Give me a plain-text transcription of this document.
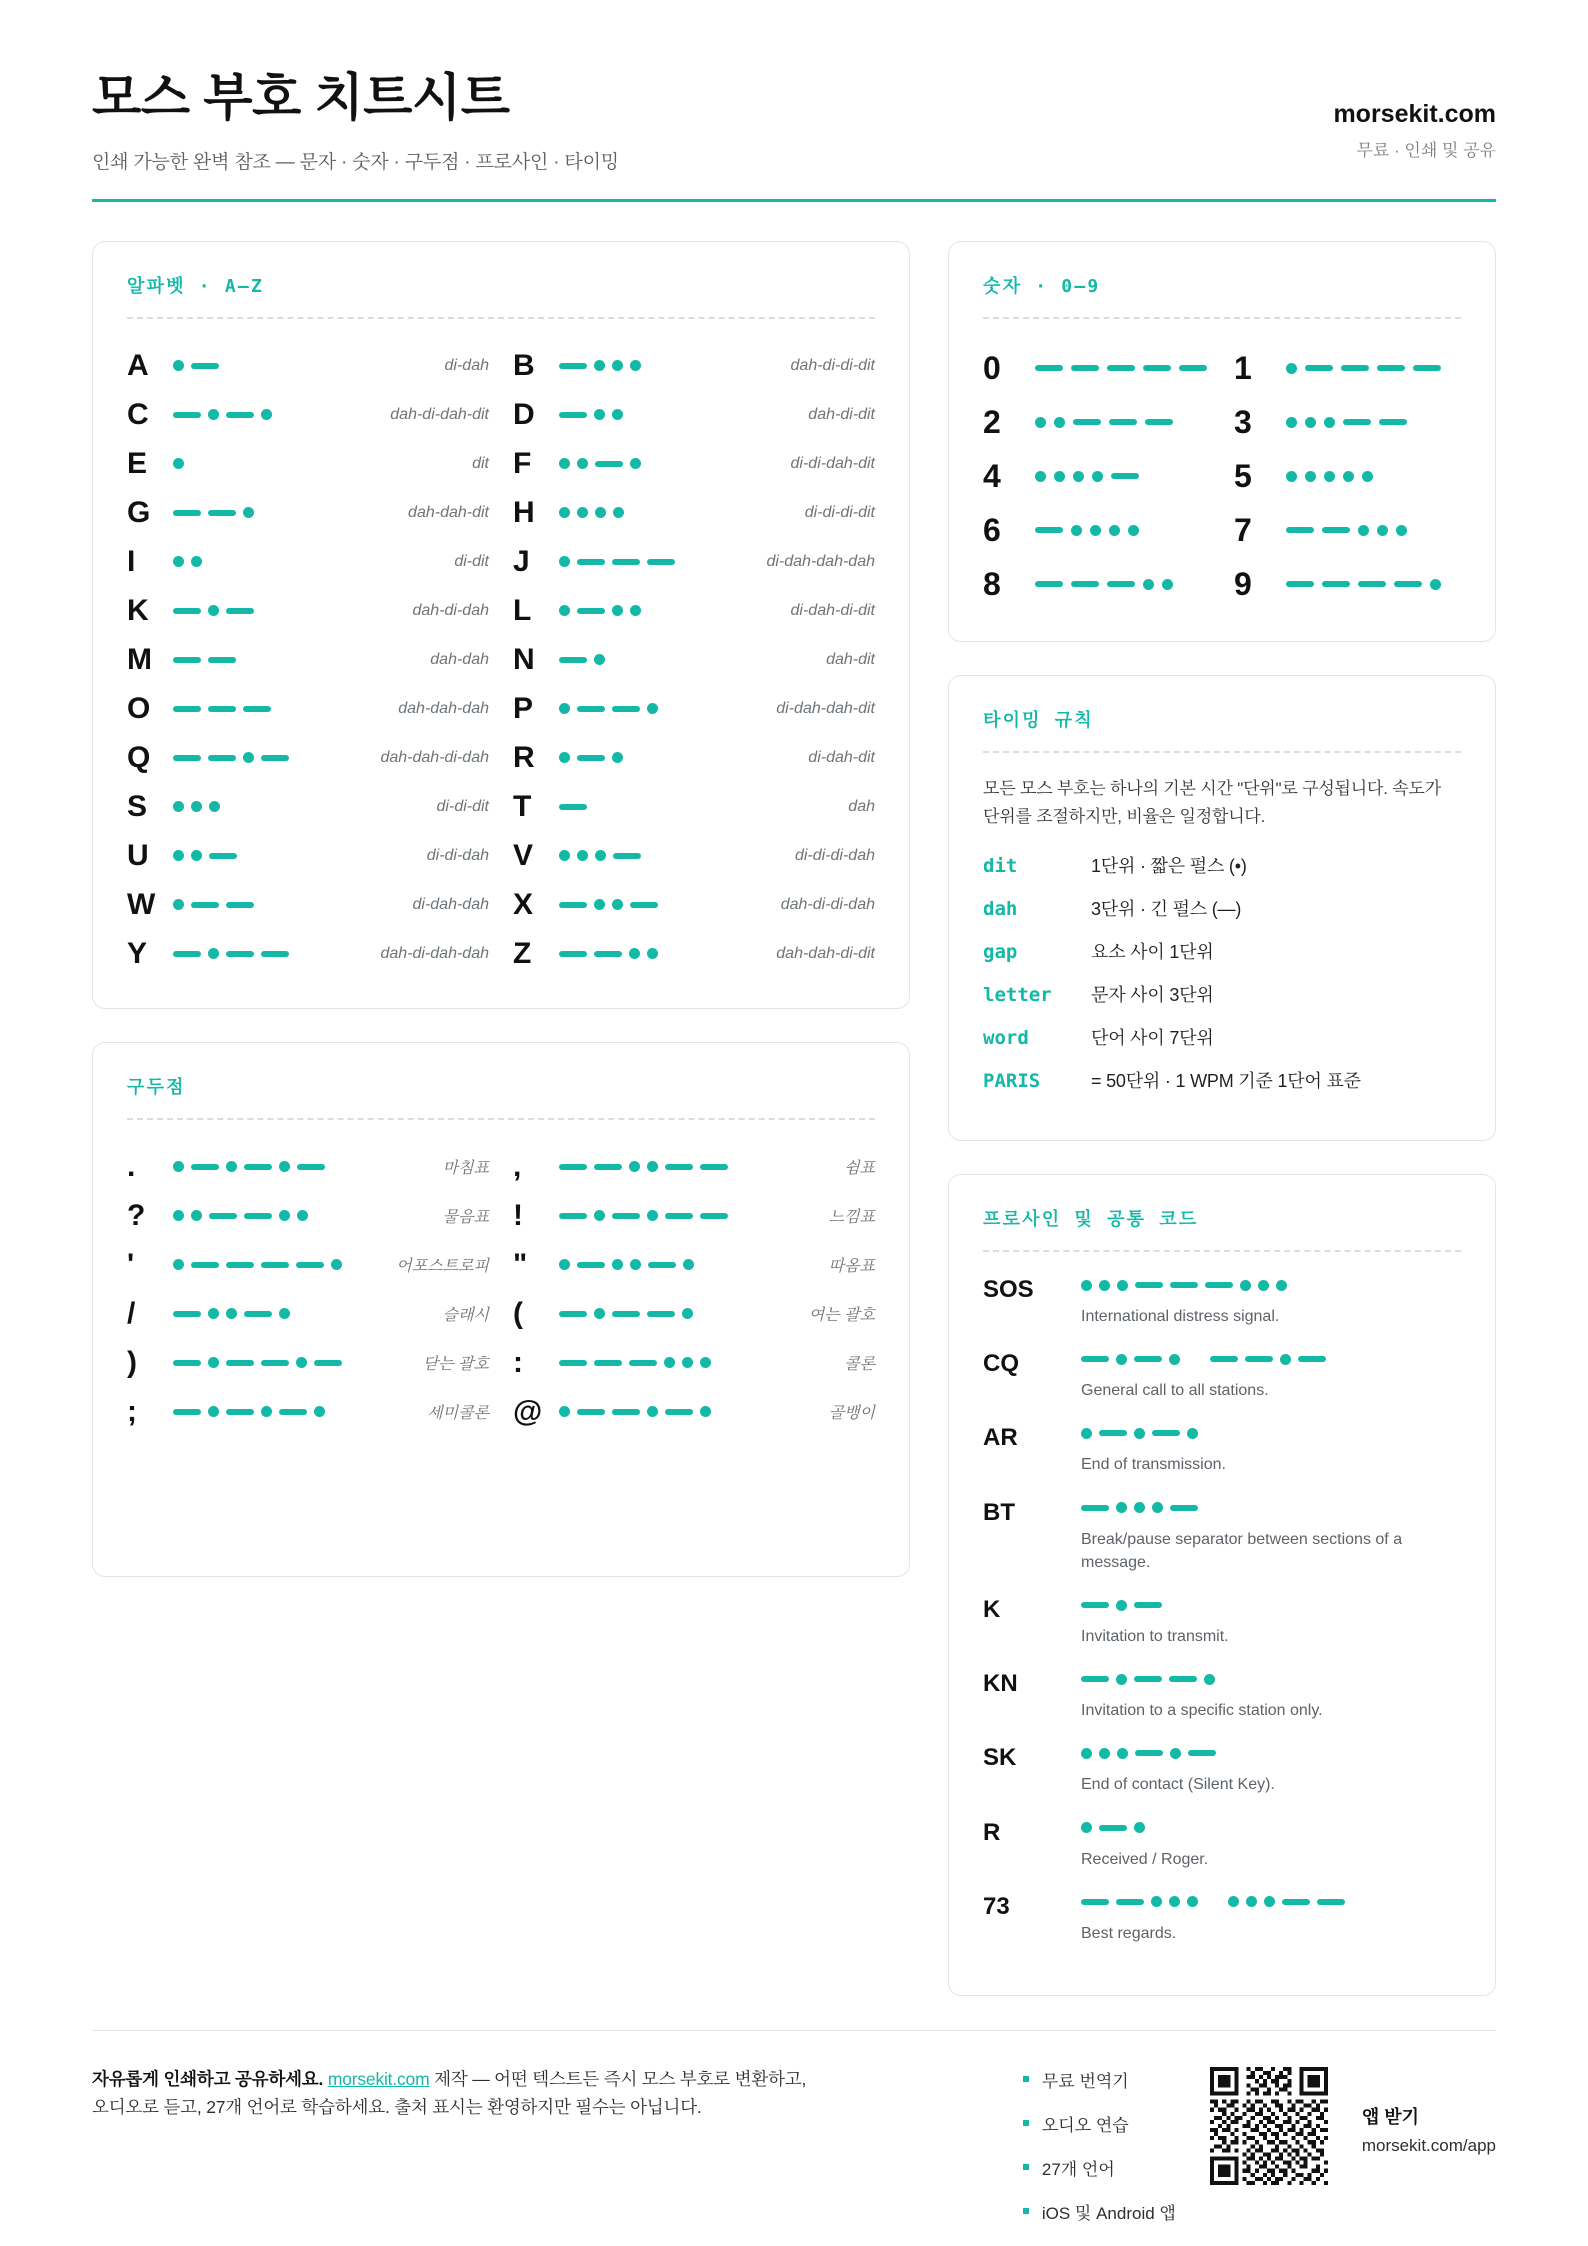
모스 부호 치트시트
인쇄 가능한 완벽 참조 — 문자 · 숫자 · 구두점 · 프로사인 · 타이밍
morsekit.com
무료 · 인쇄 및 공유
알파벳 · A–Z
A	di-dah B	dah-di-di-dit
C	dah-di-dah-dit D	dah-di-dit
E	dit F	di-di-dah-dit
G	dah-dah-dit H	di-di-di-dit
I	di-dit J	di-dah-dah-dah
K	dah-di-dah L	di-dah-di-dit
M	dah-dah N	dah-dit
O	dah-dah-dah P	di-dah-dah-dit
Q	dah-dah-di-dah R	di-dah-dit
S	di-di-dit T	dah
U	di-di-dah V	di-di-di-dah
W	di-dah-dah X	dah-di-di-dah
Y	dah-di-dah-dah Z	dah-dah-di-dit
구두점
.	마침표 ,	쉼표
?	물음표 !	느낌표
'	어포스트로피 "	따옴표
/	슬래시 (	여는 괄호
)	닫는 괄호 :	콜론
;	세미콜론 @	골뱅이
숫자 · 0–9
0	1
2	3
4	5
6	7
8	9
타이밍 규칙
모든 모스 부호는 하나의 기본 시간 "단위"로 구성됩니다. 속도가 단위를 조절하지만, 비율은 일정합니다.
dit	1단위 · 짧은 펄스 (•)
dah	3단위 · 긴 펄스 (—)
gap	요소 사이 1단위
letter	문자 사이 3단위
word	단어 사이 7단위
PARIS	= 50단위 · 1 WPM 기준 1단어 표준
프로사인 및 공통 코드
SOS
International distress signal.
CQ
General call to all stations.
AR
End of transmission.
BT
Break/pause separator between sections of a message.
K
Invitation to transmit.
KN
Invitation to a specific station only.
SK
End of contact (Silent Key).
R
Received / Roger.
73
Best regards.
자유롭게 인쇄하고 공유하세요. morsekit.com 제작 — 어떤 텍스트든 즉시 모스 부호로 변환하고, 오디오로 듣고, 27개 언어로 학습하세요. 출처 표시는 환영하지만 필수는 아닙니다.
무료 번역기
오디오 연습
27개 언어
iOS 및 Android 앱
앱 받기
morsekit.com/app
